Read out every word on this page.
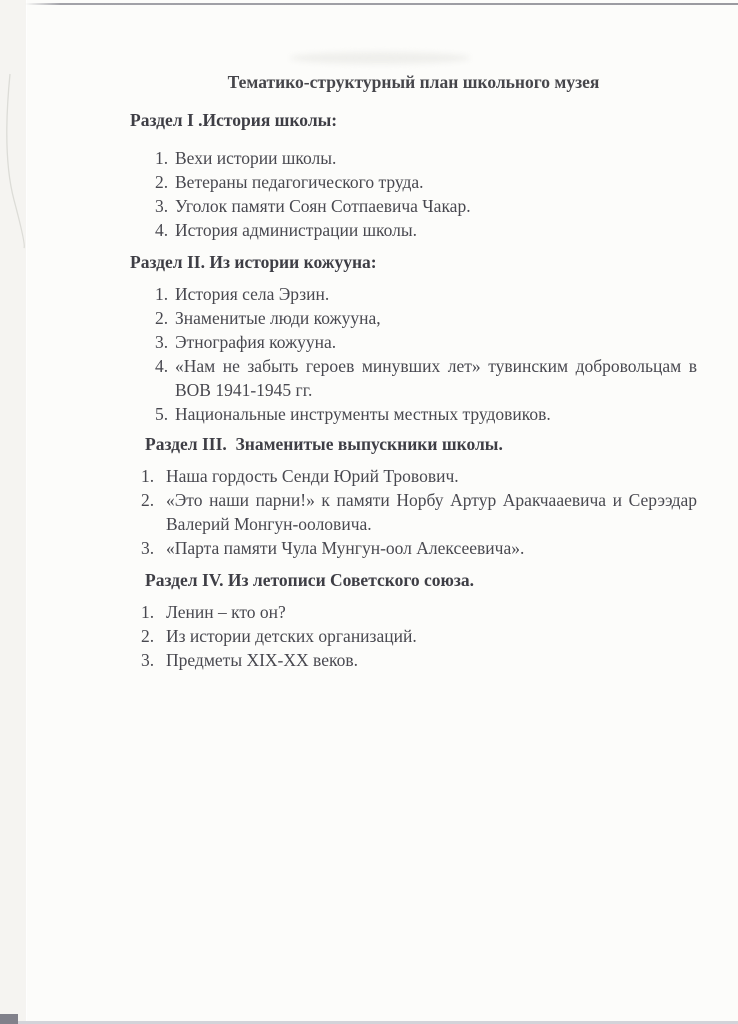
Тематико-структурный план школьного музея
Раздел I .История школы:
1. Вехи истории школы.
2. Ветераны педагогического труда.
3. Уголок памяти Соян Сотпаевича Чакар.
4. История администрации школы.
Раздел II. Из истории кожууна:
1. История села Эрзин.
2. Знаменитые люди кожууна,
3. Этнография кожууна.
4. «Нам не забыть героев минувших лет» тувинским добровольцам в ВОВ 1941-1945 гг.
5. Национальные инструменты местных трудовиков.
Раздел III.  Знаменитые выпускники школы.
1. Наша гордость Сенди Юрий Тровович.
2. «Это наши парни!» к памяти Норбу Артур Аракчааевича и Серээдар Валерий Монгун-ооловича.
3. «Парта памяти Чула Мунгун-оол Алексеевича».
Раздел IV. Из летописи Советского союза.
1. Ленин – кто он?
2. Из истории детских организаций.
3. Предметы XIX-XX веков.
